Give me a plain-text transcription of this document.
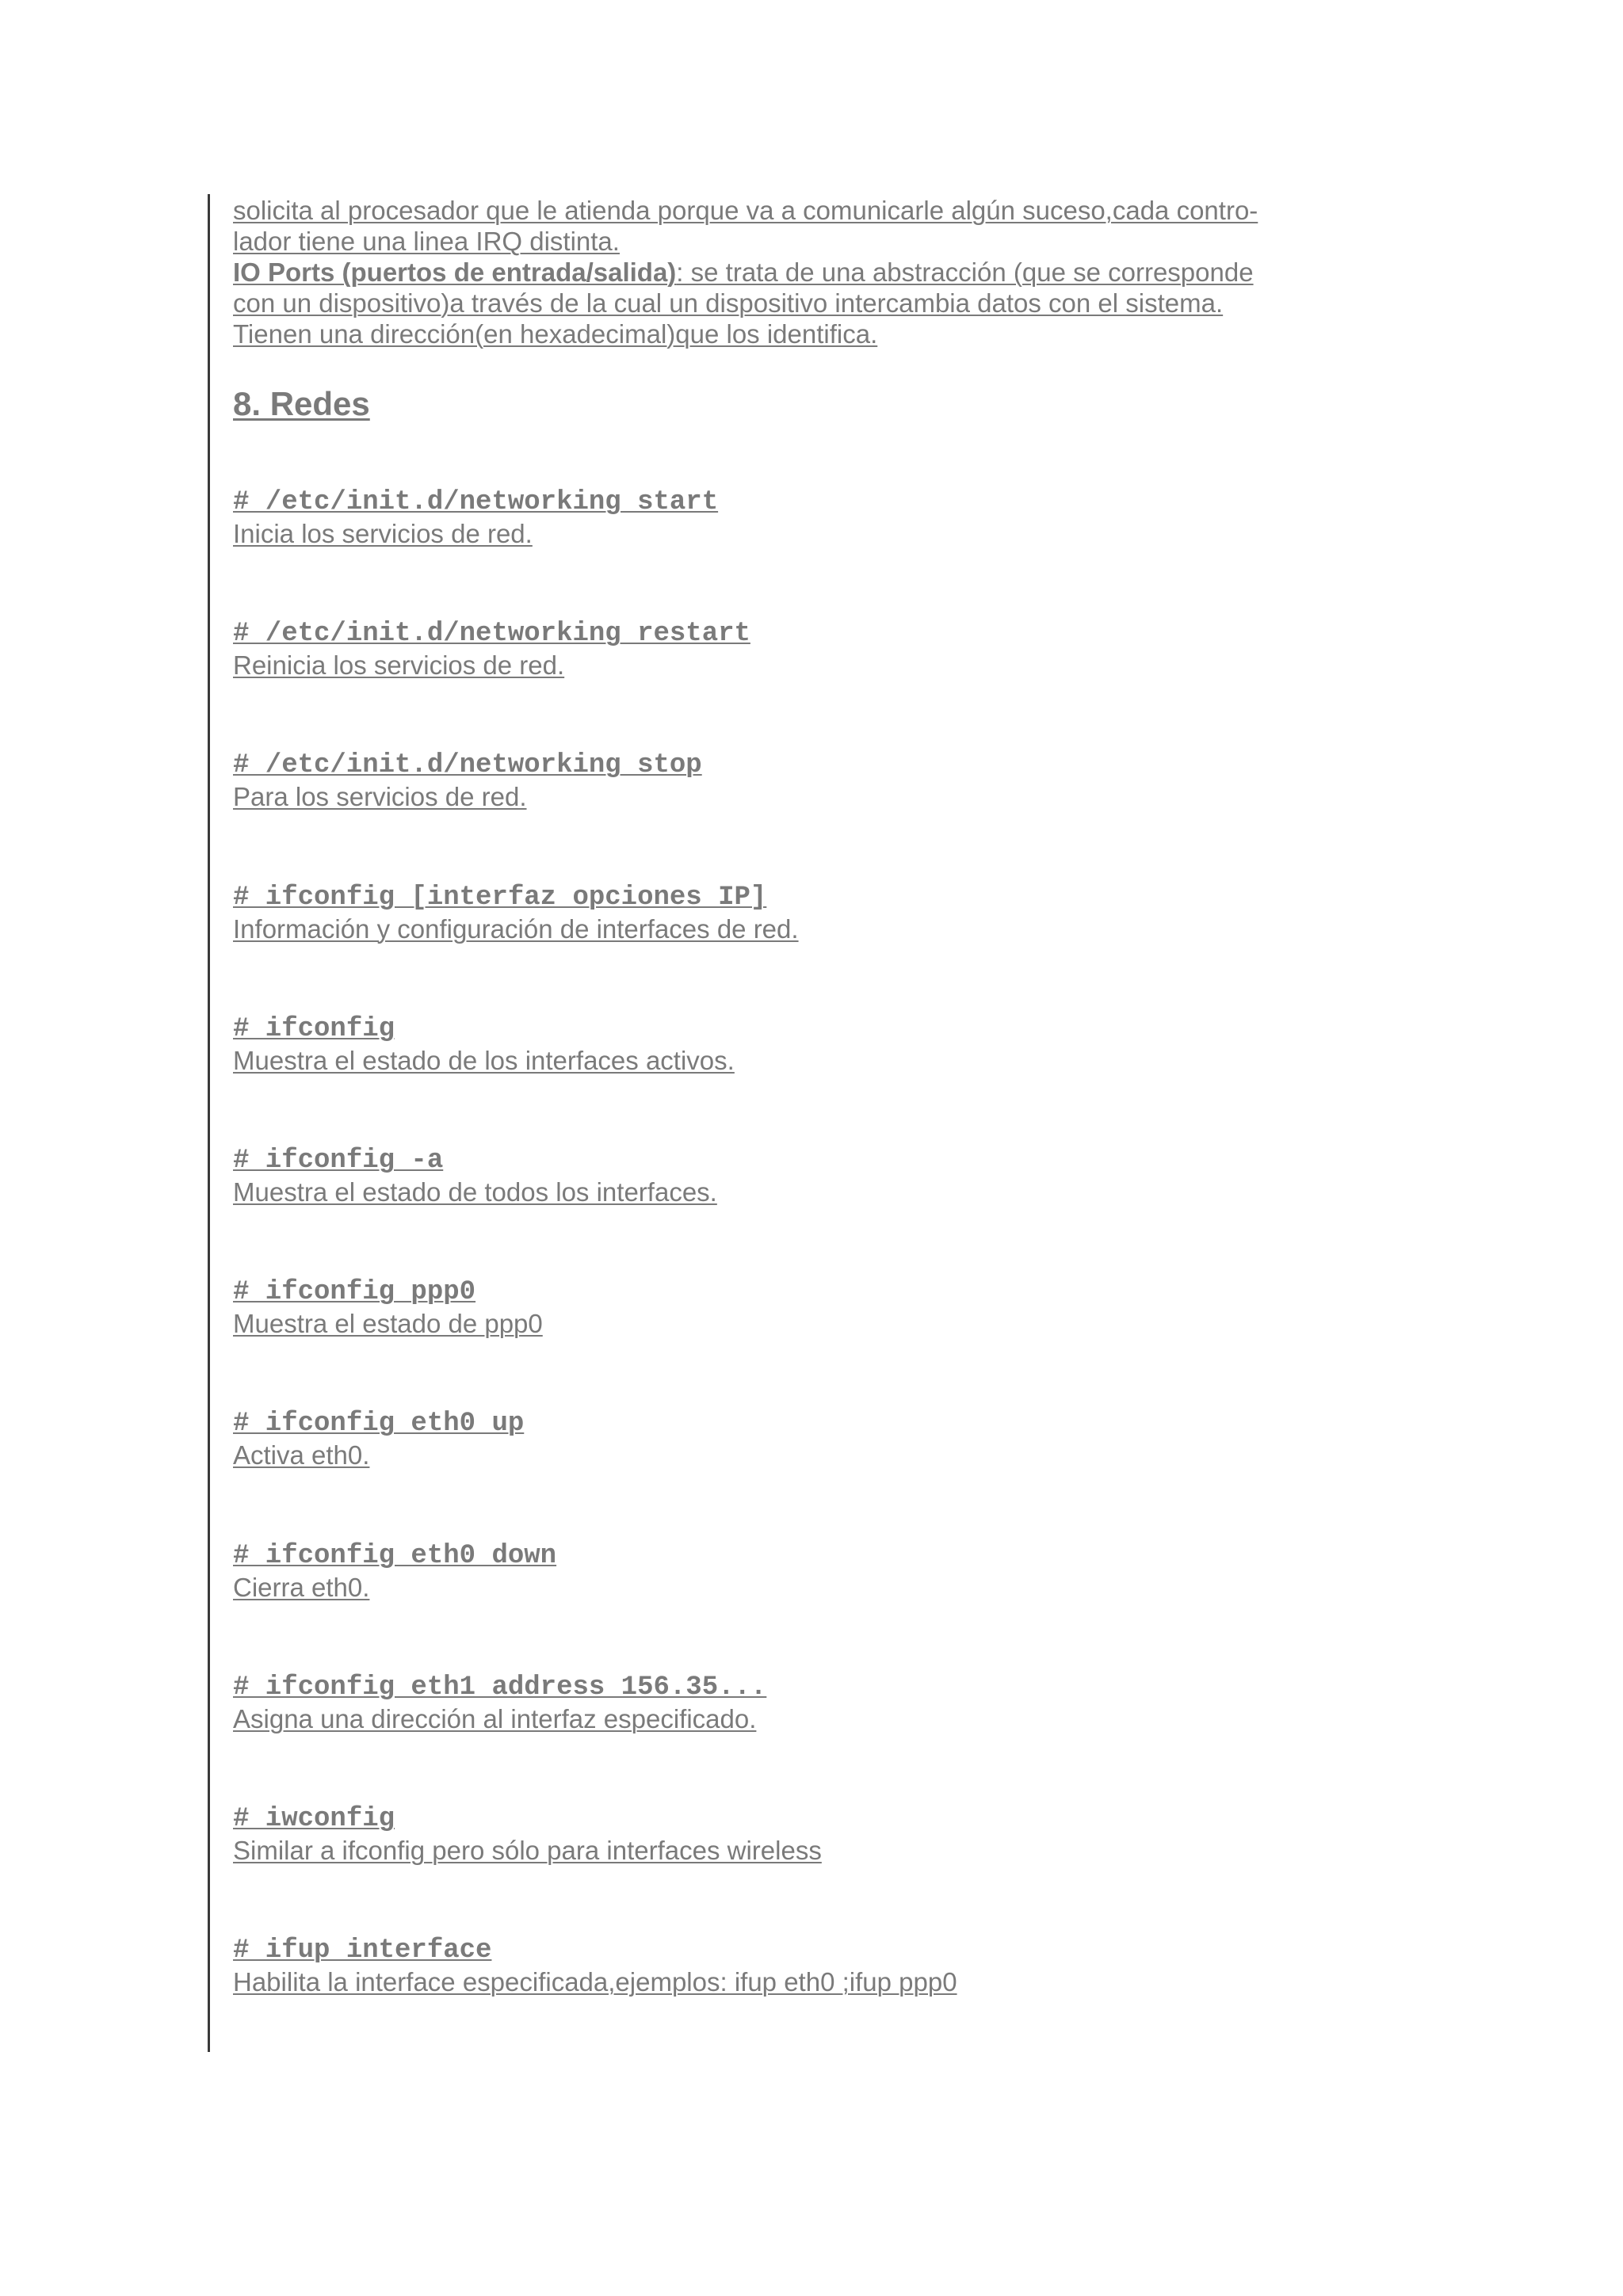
solicita al procesador que le atienda porque va a comunicarle algún suceso,cada contro-

lador tiene una linea IRQ distinta.

IO Ports (puertos de entrada/salida): se trata de una abstracción (que se corresponde

con un dispositivo)a través de la cual un dispositivo intercambia datos con el sistema.

Tienen una dirección(en hexadecimal)que los identifica.

8. Redes
# /etc/init.d/networking start
Inicia los servicios de red.
# /etc/init.d/networking restart
Reinicia los servicios de red.
# /etc/init.d/networking stop
Para los servicios de red.
# ifconfig [interfaz opciones IP]
Información y configuración de interfaces de red.
# ifconfig
Muestra el estado de los interfaces activos.
# ifconfig -a
Muestra el estado de todos los interfaces.
# ifconfig ppp0
Muestra el estado de ppp0
# ifconfig eth0 up
Activa eth0.
# ifconfig eth0 down
Cierra eth0.
# ifconfig eth1 address 156.35...
Asigna una dirección al interfaz especificado.
# iwconfig
Similar a ifconfig pero sólo para interfaces wireless
# ifup interface
Habilita la interface especificada,ejemplos: ifup eth0 ;ifup ppp0
